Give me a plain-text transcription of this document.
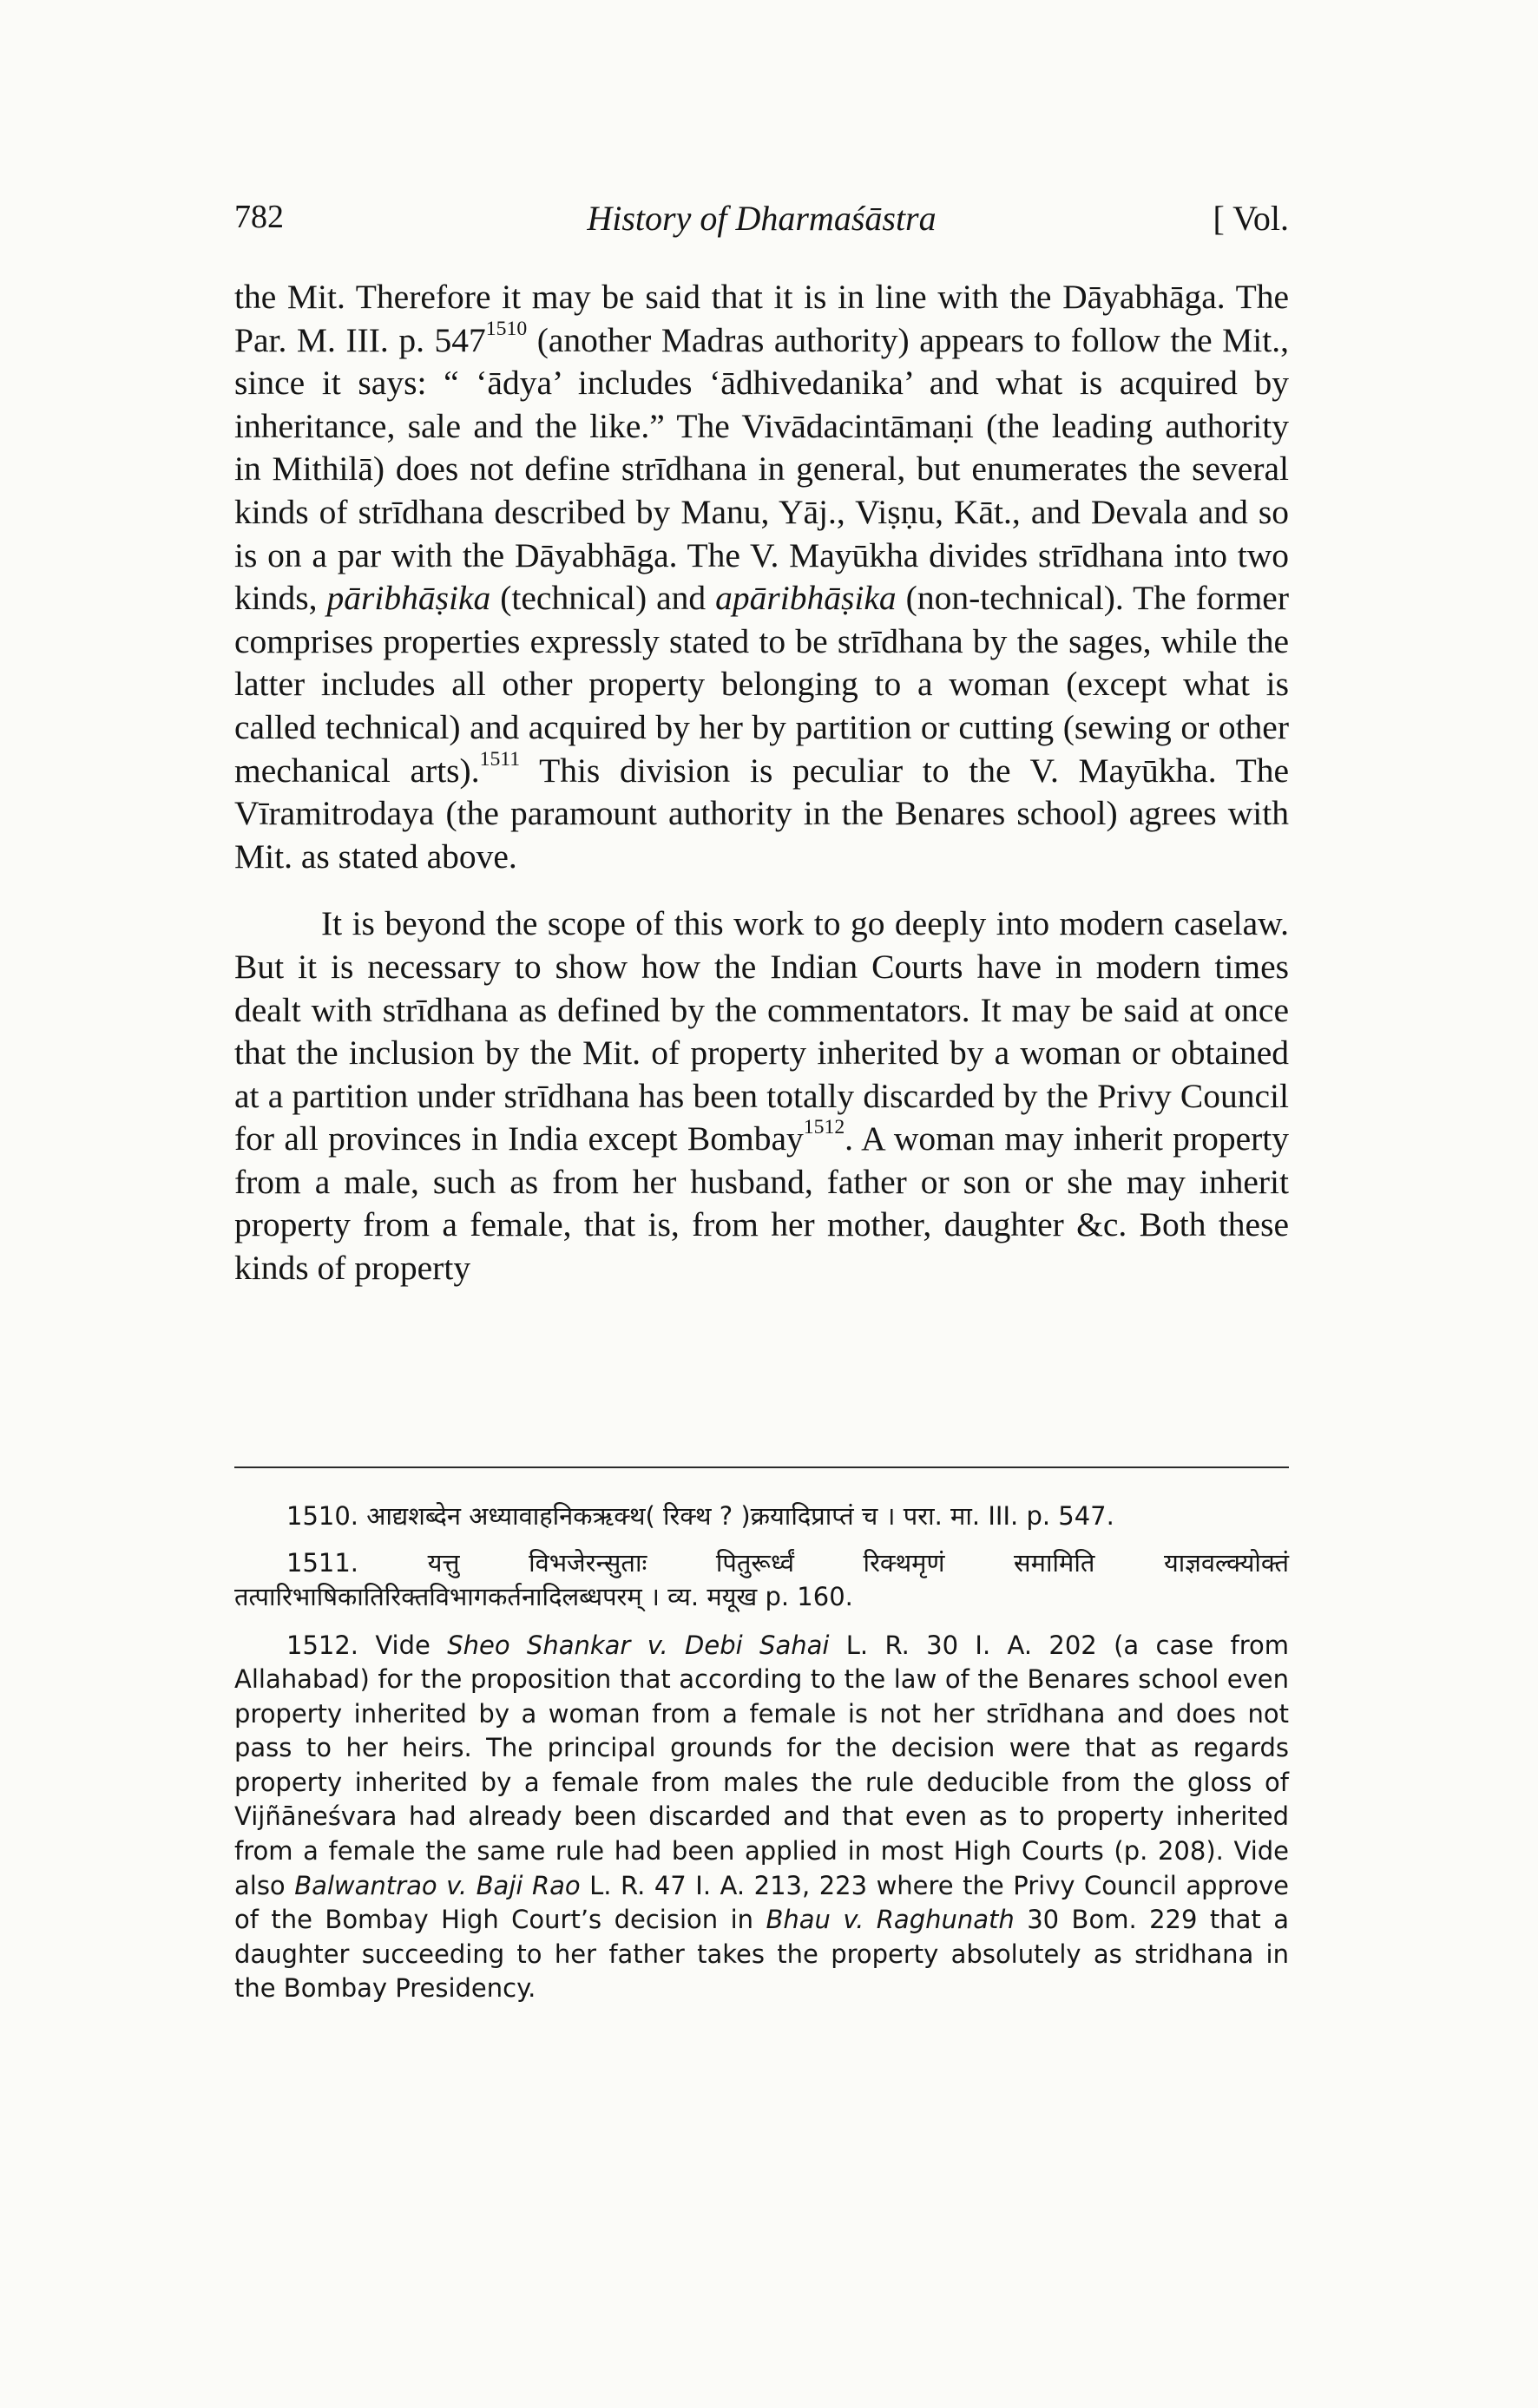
782	History of Dharmaśāstra	[ Vol.

the Mit. Therefore it may be said that it is in line with the Dāyabhāga. The Par. M. III. p. $547^{1510}$ (another Madras authority) appears to follow the Mit., since it says: “ ‘ādya’ includes ‘ādhivedanika’ and what is acquired by inheritance, sale and the like.” The Vivādacintāmaṇi (the leading authority in Mithilā) does not define strīdhana in general, but enumerates the several kinds of strīdhana described by Manu, Yāj., Viṣṇu, Kāt., and Devala and so is on a par with the Dāyabhāga. The V. Mayūkha divides strīdhana into two kinds, pāribhāṣika (technical) and apāribhāṣika (non-technical). The former comprises properties expressly stated to be strīdhana by the sages, while the latter includes all other property belonging to a woman (except what is called technical) and acquired by her by partition or cutting (sewing or other mechanical arts).$^{1511}$ This division is peculiar to the V. Mayūkha. The Vīramitrodaya (the paramount authority in the Benares school) agrees with Mit. as stated above.

It is beyond the scope of this work to go deeply into modern caselaw. But it is necessary to show how the Indian Courts have in modern times dealt with strīdhana as defined by the commentators. It may be said at once that the inclusion by the Mit. of property inherited by a woman or obtained at a partition under strīdhana has been totally discarded by the Privy Council for all provinces in India except Bombay$^{1512}$. A woman may inherit property from a male, such as from her husband, father or son or she may inherit property from a female, that is, from her mother, daughter &c. Both these kinds of property

1510. आद्यशब्देन अध्यावाहनिकऋक्थ( रिक्थ ? )क्रयादिप्राप्तं च । परा. मा. III. p. 547.

1511.	यत्तु विभजेरन्सुताः पितुरूर्ध्वं रिक्थमृणं समामिति याज्ञवल्क्योक्तं तत्पारिभाषिकातिरिक्तविभागकर्तनादिलब्धपरम् । व्य. मयूख p. 160.

1512. Vide Sheo Shankar v. Debi Sahai L. R. 30 I. A. 202 (a case from Allahabad) for the proposition that according to the law of the Benares school even property inherited by a woman from a female is not her strīdhana and does not pass to her heirs. The principal grounds for the decision were that as regards property inherited by a female from males the rule deducible from the gloss of Vijñāneśvara had already been discarded and that even as to property inherited from a female the same rule had been applied in most High Courts (p. 208). Vide also Balwantrao v. Baji Rao L. R. 47 I. A. 213, 223 where the Privy Council approve of the Bombay High Court’s decision in Bhau v. Raghunath 30 Bom. 229 that a daughter succeeding to her father takes the property absolutely as stridhana in the Bombay Presidency.
